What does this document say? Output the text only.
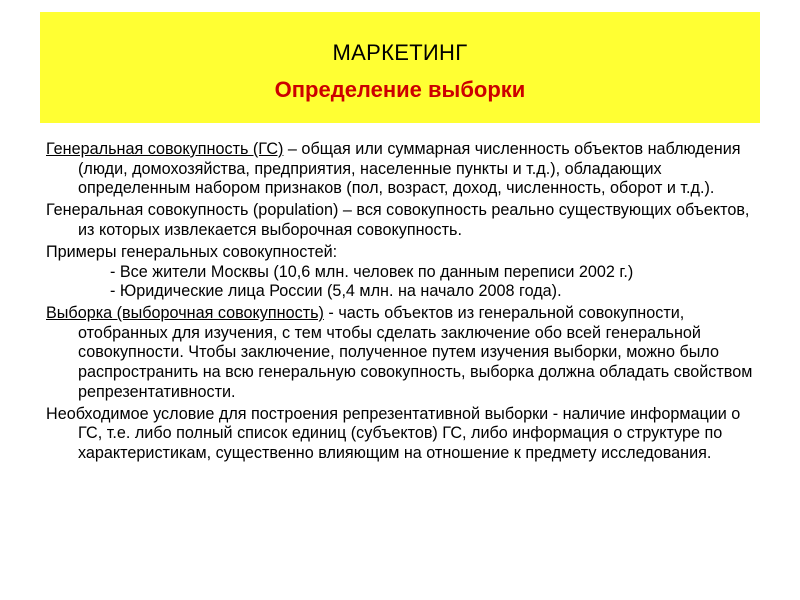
МАРКЕТИНГ
Определение выборки

Генеральная совокупность (ГС) – общая или суммарная численность объектов наблюдения (люди, домохозяйства, предприятия, населенные пункты и т.д.), обладающих определенным набором признаков (пол, возраст, доход, численность, оборот и т.д.).

Генеральная совокупность (population) – вся совокупность реально существующих объектов, из которых извлекается выборочная совокупность.

Примеры генеральных совокупностей:
- Все жители Москвы (10,6 млн. человек по данным переписи 2002 г.)
- Юридические лица России (5,4 млн. на начало 2008 года).

Выборка (выборочная совокупность) - часть объектов из генеральной совокупности, отобранных для изучения, с тем чтобы сделать заключение обо всей генеральной совокупности. Чтобы заключение, полученное путем изучения выборки, можно было распространить на всю генеральную совокупность, выборка должна обладать свойством репрезентативности.

Необходимое условие для построения репрезентативной выборки - наличие информации о ГС, т.е. либо полный список единиц (субъектов) ГС, либо информация о структуре по характеристикам, существенно влияющим на отношение к предмету исследования.
